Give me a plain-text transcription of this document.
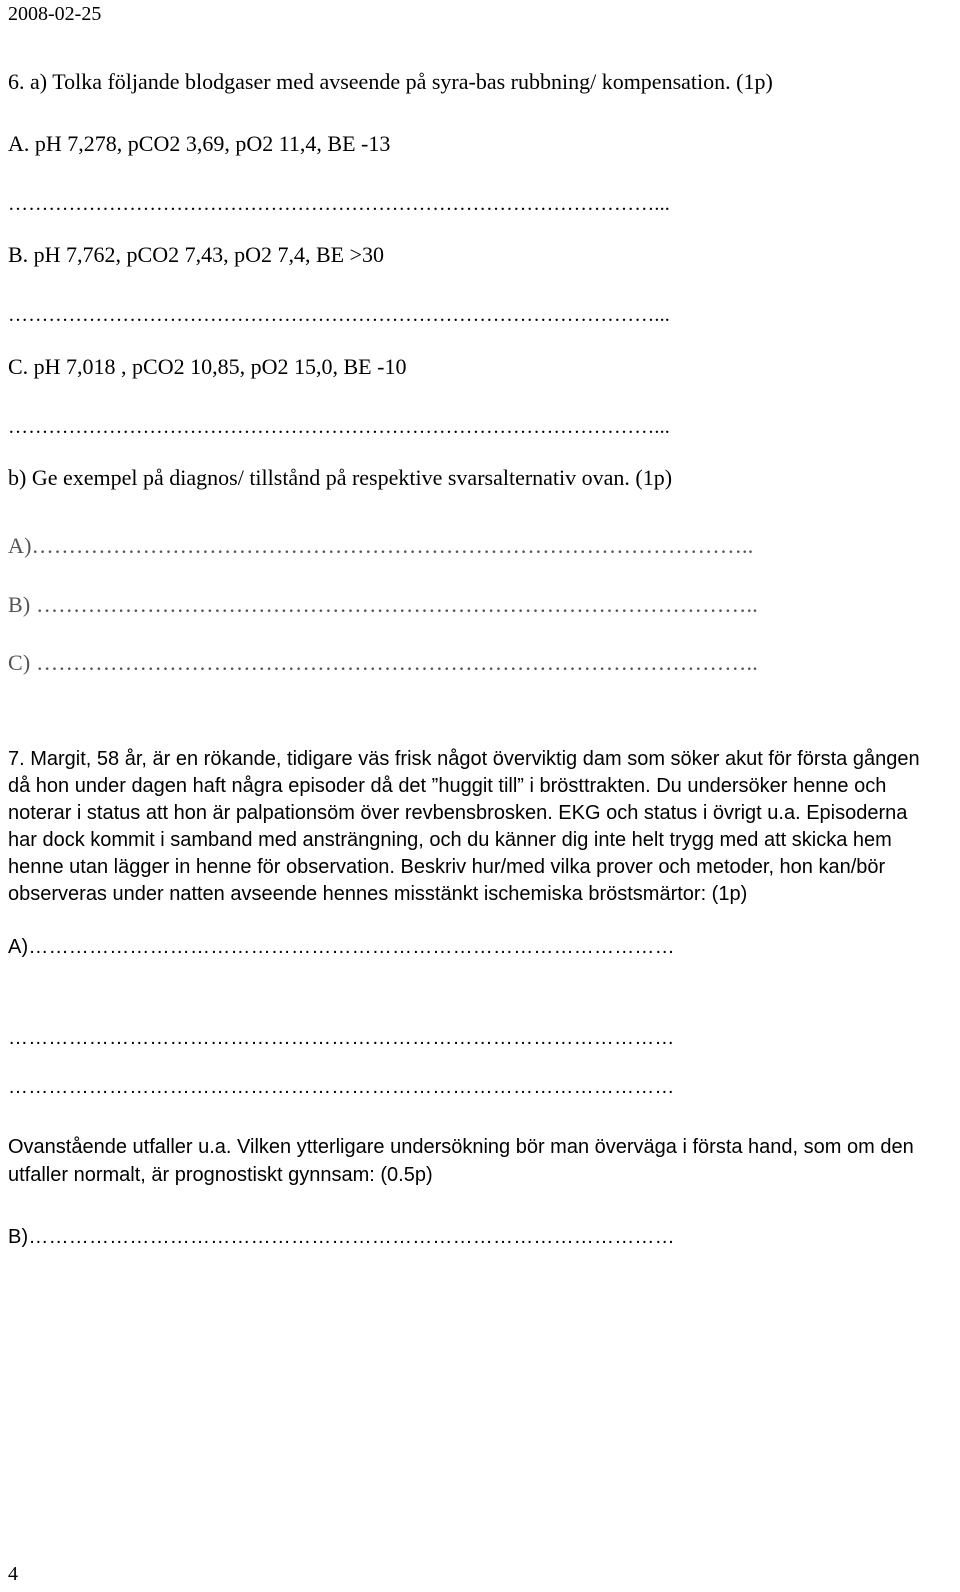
2008-02-25
6. a) Tolka följande blodgaser med avseende på syra-bas rubbning/ kompensation. (1p)
A. pH 7,278, pCO2 3,69, pO2 11,4, BE -13
……………………………………………………………………………………...
B. pH 7,762, pCO2 7,43, pO2 7,4, BE >30
……………………………………………………………………………………...
C. pH 7,018 , pCO2 10,85, pO2 15,0, BE -10
……………………………………………………………………………………...
b) Ge exempel på diagnos/ tillstånd på respektive svarsalternativ ovan. (1p)
A)……………………………………………………………………………………..
B) ……………………………………………………………………………………..
C) ……………………………………………………………………………………..

7. Margit, 58 år, är en rökande, tidigare väs frisk något överviktig dam som söker akut för första gången då hon under dagen haft några episoder då det ”huggit till” i brösttrakten. Du undersöker henne och noterar i status att hon är palpationsöm över revbensbrosken. EKG och status i övrigt u.a. Episoderna har dock kommit i samband med ansträngning, och du känner dig inte helt trygg med att skicka hem henne utan lägger in henne för observation. Beskriv hur/med vilka prover och metoder, hon kan/bör observeras under natten avseende hennes misstänkt ischemiska bröstsmärtor: (1p)

A)……………………………………………………………………………………
………………………………………………………………………………………
………………………………………………………………………………………
Ovanstående utfaller u.a. Vilken ytterligare undersökning bör man överväga i första hand, som om den utfaller normalt, är prognostiskt gynnsam: (0.5p)
B)……………………………………………………………………………………
4
